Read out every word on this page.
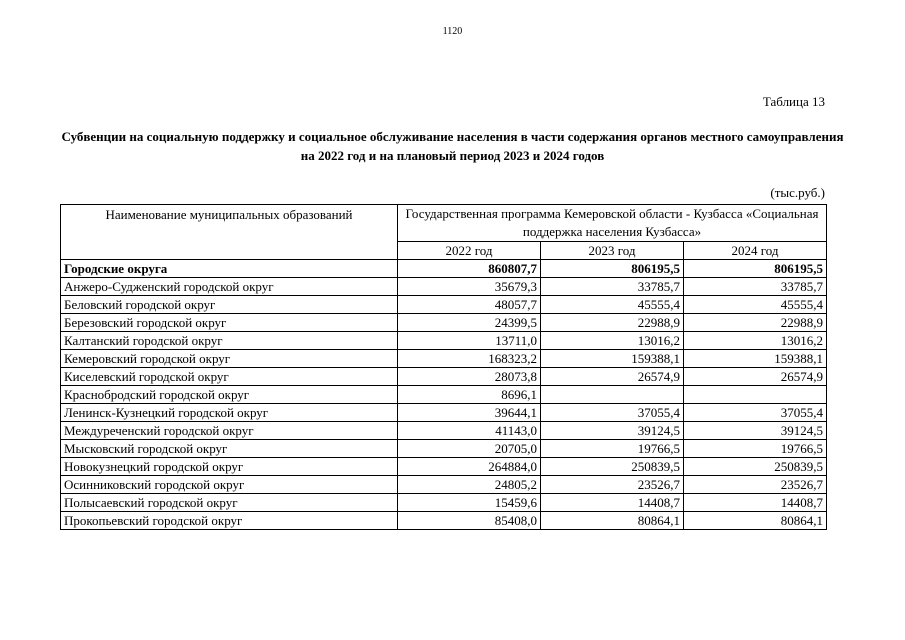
1120
Таблица 13
Субвенции на социальную поддержку и социальное обслуживание населения в части содержания органов местного самоуправления на 2022 год и на плановый период 2023 и 2024 годов
(тыс.руб.)
Наименование муниципальных образований	Государственная программа Кемеровской области - Кузбасса «Социальная поддержка населения Кузбасса»		
	2022 год	2023 год	2024 год
Городские округа	860807,7	806195,5	806195,5
Анжеро-Судженский городской округ	35679,3	33785,7	33785,7
Беловский городской округ	48057,7	45555,4	45555,4
Березовский городской округ	24399,5	22988,9	22988,9
Калтанский городской округ	13711,0	13016,2	13016,2
Кемеровский городской округ	168323,2	159388,1	159388,1
Киселевский городской округ	28073,8	26574,9	26574,9
Краснобродский городской округ	8696,1		
Ленинск-Кузнецкий городской округ	39644,1	37055,4	37055,4
Междуреченский городской округ	41143,0	39124,5	39124,5
Мысковский городской округ	20705,0	19766,5	19766,5
Новокузнецкий городской округ	264884,0	250839,5	250839,5
Осинниковский городской округ	24805,2	23526,7	23526,7
Полысаевский городской округ	15459,6	14408,7	14408,7
Прокопьевский городской округ	85408,0	80864,1	80864,1
